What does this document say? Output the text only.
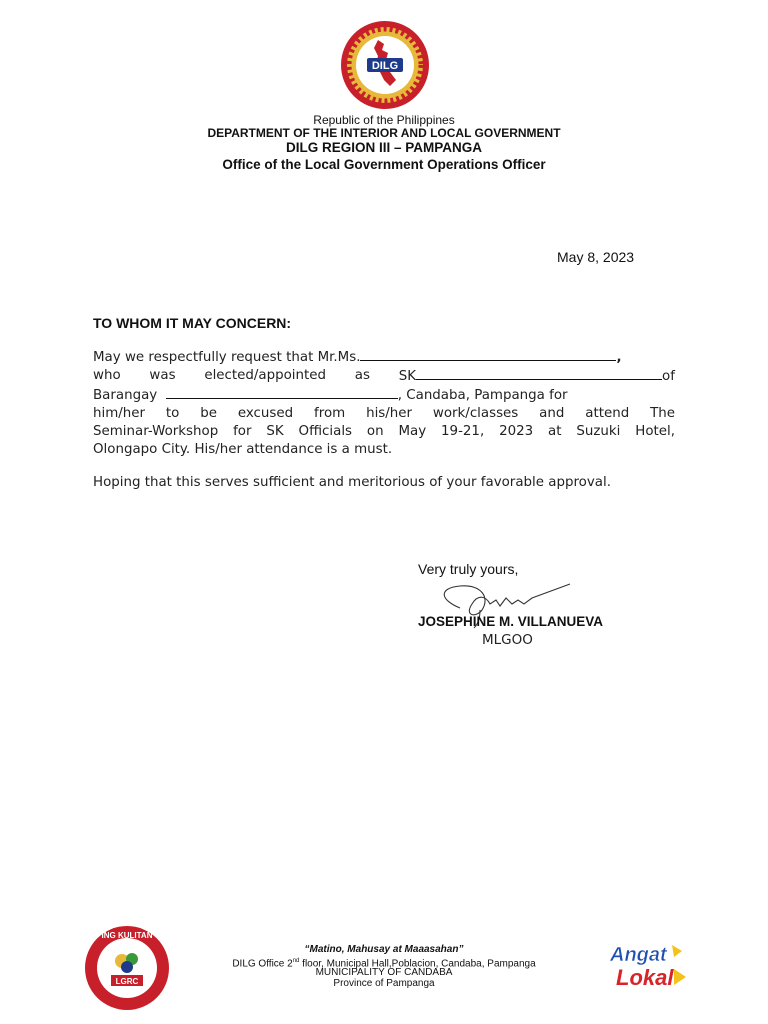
DILG
Republic of the Philippines
DEPARTMENT OF THE INTERIOR AND LOCAL GOVERNMENT
DILG REGION III – PAMPANGA
Office of the Local Government Operations Officer
May 8, 2023
TO WHOM IT MAY CONCERN:
May we respectfully request that Mr.Ms.	,
who was elected/appointed as SK	of
Barangay	, Candaba, Pampanga for
him/her to be excused from his/her work/classes and attend The
Seminar-Workshop for SK Officials on May 19-21, 2023 at Suzuki Hotel,
Olongapo City. His/her attendance is a must.
Hoping that this serves sufficient and meritorious of your favorable approval.
Very truly yours,
JOSEPHINE M. VILLANUEVA
MLGOO
ING KULITAN
LGRC
“Matino, Mahusay at Maaasahan”
DILG Office 2nd floor, Municipal Hall,Poblacion, Candaba, Pampanga
MUNICIPALITY OF CANDABA
Province of Pampanga
Angat
Lokal
